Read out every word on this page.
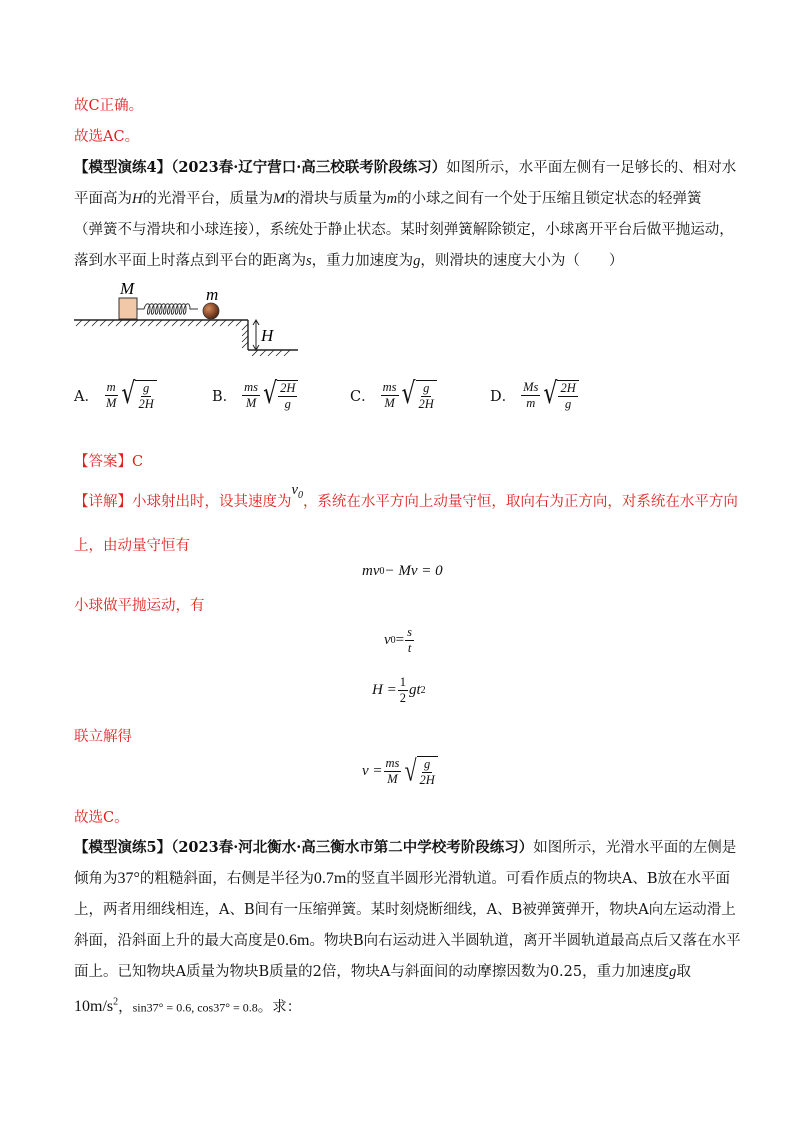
故C正确。
故选AC。
【模型演练4】（2023春·辽宁营口·高三校联考阶段练习）如图所示，水平面左侧有一足够长的、相对水
平面高为H的光滑平台，质量为M的滑块与质量为m的小球之间有一个处于压缩且锁定状态的轻弹簧
（弹簧不与滑块和小球连接），系统处于静止状态。某时刻弹簧解除锁定，小球离开平台后做平抛运动，
落到水平面上时落点到平台的距离为s，重力加速度为g，则滑块的速度大小为（　　）
M	m
H
A． $\frac{m}{M}$ √ $\frac{g}{2H}$	B． $\frac{ms}{M}$ √ $\frac{2H}{g}$	C． $\frac{ms}{M}$ √ $\frac{g}{2H}$	D． $\frac{Ms}{m}$ √ $\frac{2H}{g}$
【答案】C
【详解】小球射出时，设其速度为$v_0$，系统在水平方向上动量守恒，取向右为正方向，对系统在水平方向
上，由动量守恒有
mv 0 − Mv = 0
小球做平抛运动，有
v $0 = \frac{s}{t}$
$H = \frac{1}{2}$ gt 2
联立解得
$v = \frac{ms}{M}$ √ $\frac{g}{2H}$
故选C。
【模型演练5】（2023春·河北衡水·高三衡水市第二中学校考阶段练习）如图所示，光滑水平面的左侧是
倾角为37°的粗糙斜面，右侧是半径为0.7m的竖直半圆形光滑轨道。可看作质点的物块A、B放在水平面
上，两者用细线相连，A、B间有一压缩弹簧。某时刻烧断细线，A、B被弹簧弹开，物块A向左运动滑上
斜面，沿斜面上升的最大高度是0.6m。物块B向右运动进入半圆轨道，离开半圆轨道最高点后又落在水平
面上。已知物块A质量为物块B质量的2倍，物块A与斜面间的动摩擦因数为0.25，重力加速度g取
$10m/s^2$，sin37° = 0.6, cos37° = 0.8。求：
